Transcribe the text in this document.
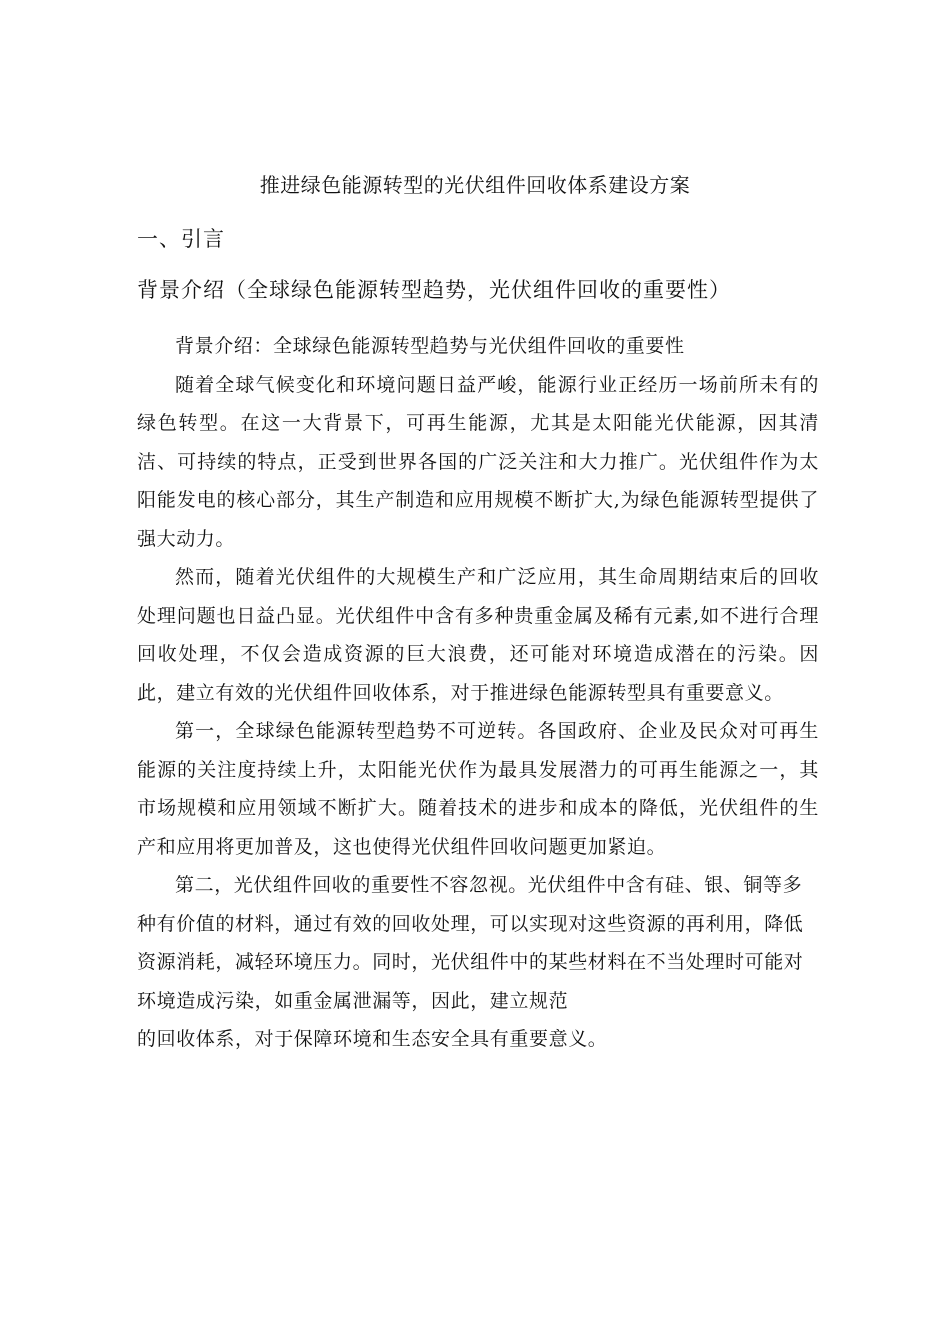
推进绿色能源转型的光伏组件回收体系建设方案
一、引言
背景介绍（全球绿色能源转型趋势，光伏组件回收的重要性）

背景介绍：全球绿色能源转型趋势与光伏组件回收的重要性

随着全球气候变化和环境问题日益严峻，能源行业正经历一场前所未有的绿色转型。在这一大背景下，可再生能源，尤其是太阳能光伏能源，因其清洁、可持续的特点，正受到世界各国的广泛关注和大力推广。光伏组件作为太阳能发电的核心部分，其生产制造和应用规模不断扩大,为绿色能源转型提供了强大动力。

然而，随着光伏组件的大规模生产和广泛应用，其生命周期结束后的回收处理问题也日益凸显。光伏组件中含有多种贵重金属及稀有元素,如不进行合理回收处理，不仅会造成资源的巨大浪费，还可能对环境造成潜在的污染。因此，建立有效的光伏组件回收体系，对于推进绿色能源转型具有重要意义。

第一，全球绿色能源转型趋势不可逆转。各国政府、企业及民众对可再生能源的关注度持续上升，太阳能光伏作为最具发展潜力的可再生能源之一，其市场规模和应用领域不断扩大。随着技术的进步和成本的降低，光伏组件的生产和应用将更加普及，这也使得光伏组件回收问题更加紧迫。

第二，光伏组件回收的重要性不容忽视。光伏组件中含有硅、银、铜等多种有价值的材料，通过有效的回收处理，可以实现对这些资源的再利用，降低资源消耗，减轻环境压力。同时，光伏组件中的某些材料在不当处理时可能对环境造成污染，如重金属泄漏等，因此，建立规范

的回收体系，对于保障环境和生态安全具有重要意义。
